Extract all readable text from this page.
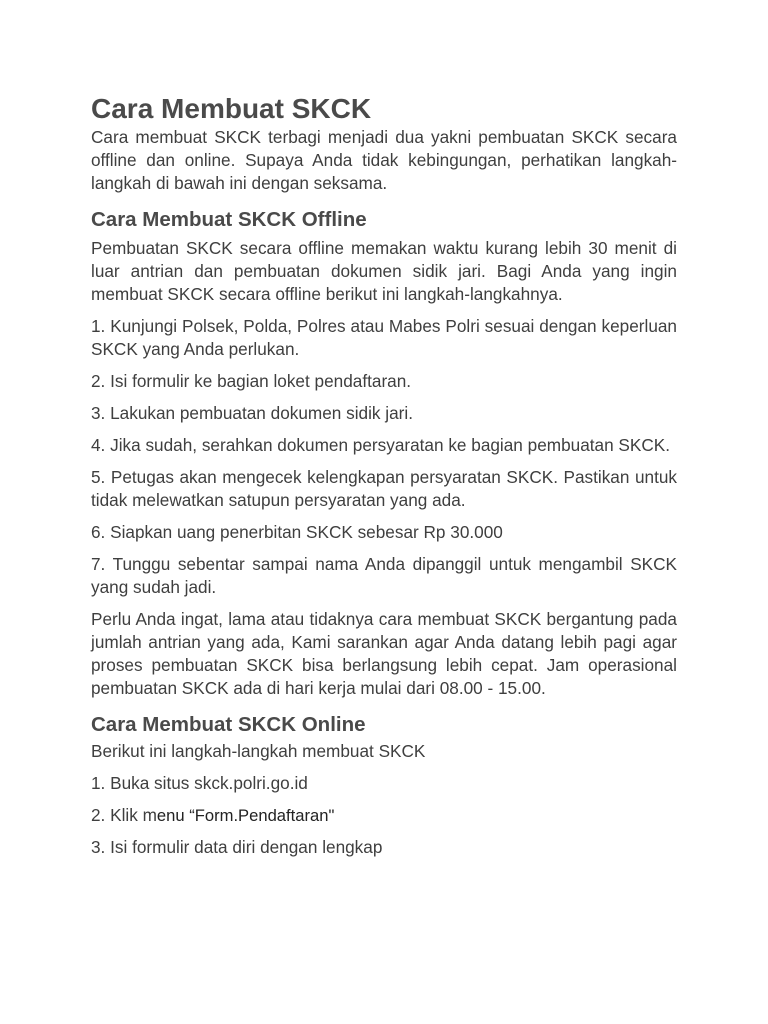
Cara Membuat SKCK

Cara membuat SKCK terbagi menjadi dua yakni pembuatan SKCK secara offline dan online. Supaya Anda tidak kebingungan, perhatikan langkah-langkah di bawah ini dengan seksama.

Cara Membuat SKCK Offline

Pembuatan SKCK secara offline memakan waktu kurang lebih 30 menit di luar antrian dan pembuatan dokumen sidik jari. Bagi Anda yang ingin membuat SKCK secara offline berikut ini langkah-langkahnya.

1. Kunjungi Polsek, Polda, Polres atau Mabes Polri sesuai dengan keperluan SKCK yang Anda perlukan.

2. Isi formulir ke bagian loket pendaftaran.

3. Lakukan pembuatan dokumen sidik jari.

4. Jika sudah, serahkan dokumen persyaratan ke bagian pembuatan SKCK.

5. Petugas akan mengecek kelengkapan persyaratan SKCK. Pastikan untuk tidak melewatkan satupun persyaratan yang ada.

6. Siapkan uang penerbitan SKCK sebesar Rp 30.000

7. Tunggu sebentar sampai nama Anda dipanggil untuk mengambil SKCK yang sudah jadi.

Perlu Anda ingat, lama atau tidaknya cara membuat SKCK bergantung pada jumlah antrian yang ada, Kami sarankan agar Anda datang lebih pagi agar proses pembuatan SKCK bisa berlangsung lebih cepat. Jam operasional pembuatan SKCK ada di hari kerja mulai dari 08.00 - 15.00.

Cara Membuat SKCK Online

Berikut ini langkah-langkah membuat SKCK

1. Buka situs skck.polri.go.id

2. Klik menu “Form.Pendaftaran"

3. Isi formulir data diri dengan lengkap
